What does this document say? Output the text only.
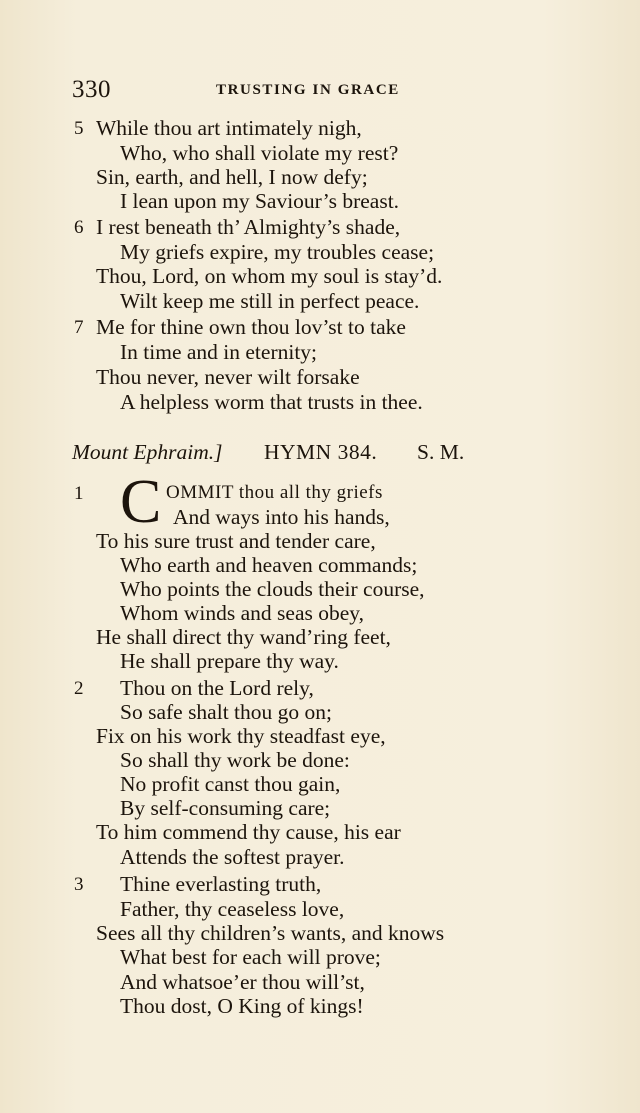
330	TRUSTING IN GRACE
5 While thou art intimately nigh,
Who, who shall violate my rest?
Sin, earth, and hell, I now defy;
I lean upon my Saviour’s breast.
6 I rest beneath th’ Almighty’s shade,
My griefs expire, my troubles cease;
Thou, Lord, on whom my soul is stay’d.
Wilt keep me still in perfect peace.
7 Me for thine own thou lov’st to take
In time and in eternity;
Thou never, never wilt forsake
A helpless worm that trusts in thee.
Mount Ephraim.] HYMN 384. S. M.
1 C OMMIT thou all thy griefs
And ways into his hands,
To his sure trust and tender care,
Who earth and heaven commands;
Who points the clouds their course,
Whom winds and seas obey,
He shall direct thy wand’ring feet,
He shall prepare thy way.
2 Thou on the Lord rely,
So safe shalt thou go on;
Fix on his work thy steadfast eye,
So shall thy work be done:
No profit canst thou gain,
By self-consuming care;
To him commend thy cause, his ear
Attends the softest prayer.
3 Thine everlasting truth,
Father, thy ceaseless love,
Sees all thy children’s wants, and knows
What best for each will prove;
And whatsoe’er thou will’st,
Thou dost, O King of kings!
